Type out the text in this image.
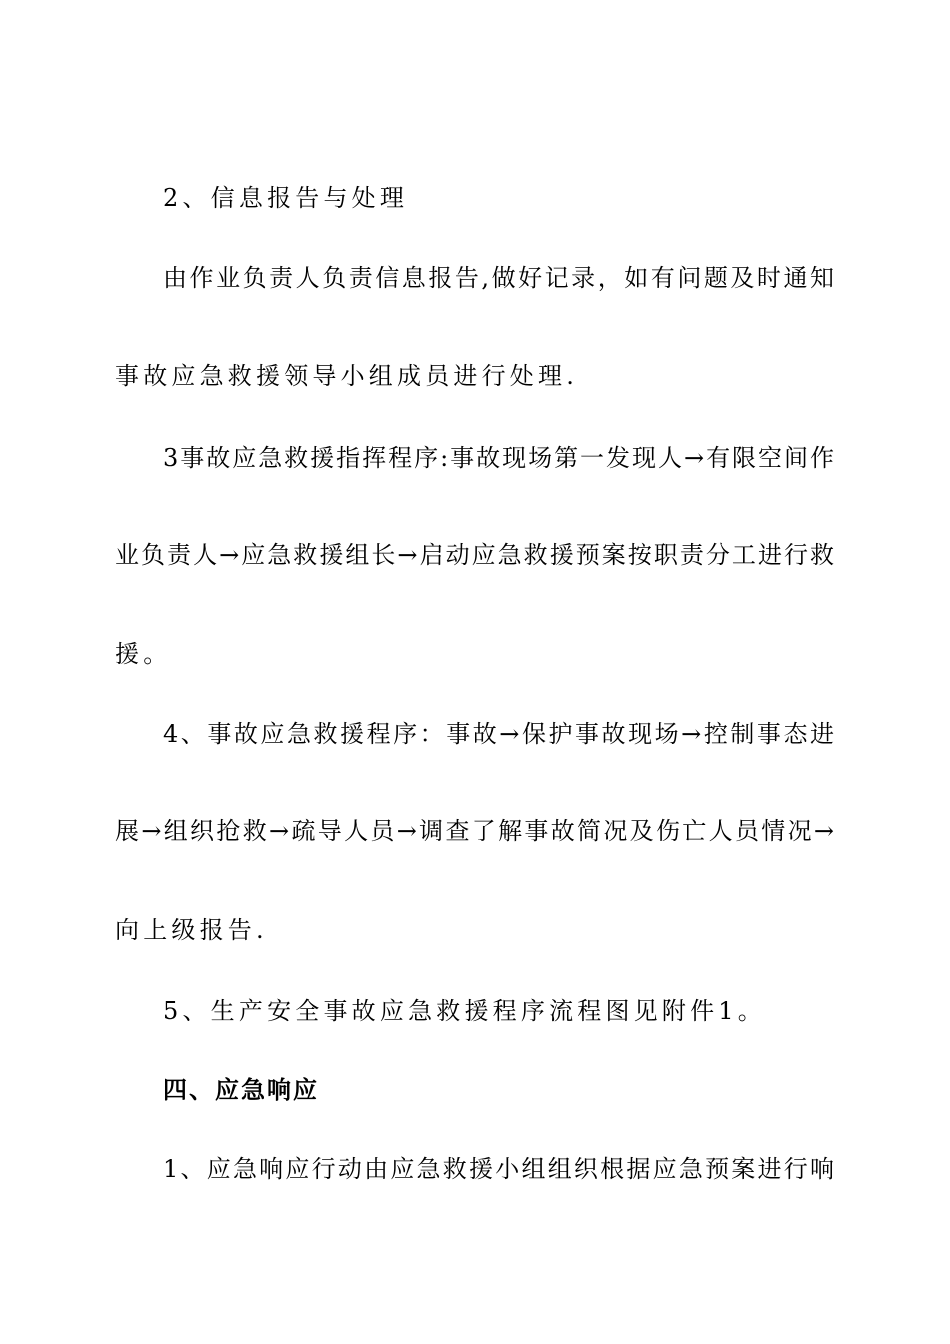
2、信息报告与处理
由作业负责人负责信息报告,做好记录，如有问题及时通知
事故应急救援领导小组成员进行处理.
3事故应急救援指挥程序:事故现场第一发现人→有限空间作
业负责人→应急救援组长→启动应急救援预案按职责分工进行救
援。
4、事故应急救援程序：事故→保护事故现场→控制事态进
展→组织抢救→疏导人员→调查了解事故简况及伤亡人员情况→
向上级报告.
5、生产安全事故应急救援程序流程图见附件1。
四、应急响应
1、应急响应行动由应急救援小组组织根据应急预案进行响
